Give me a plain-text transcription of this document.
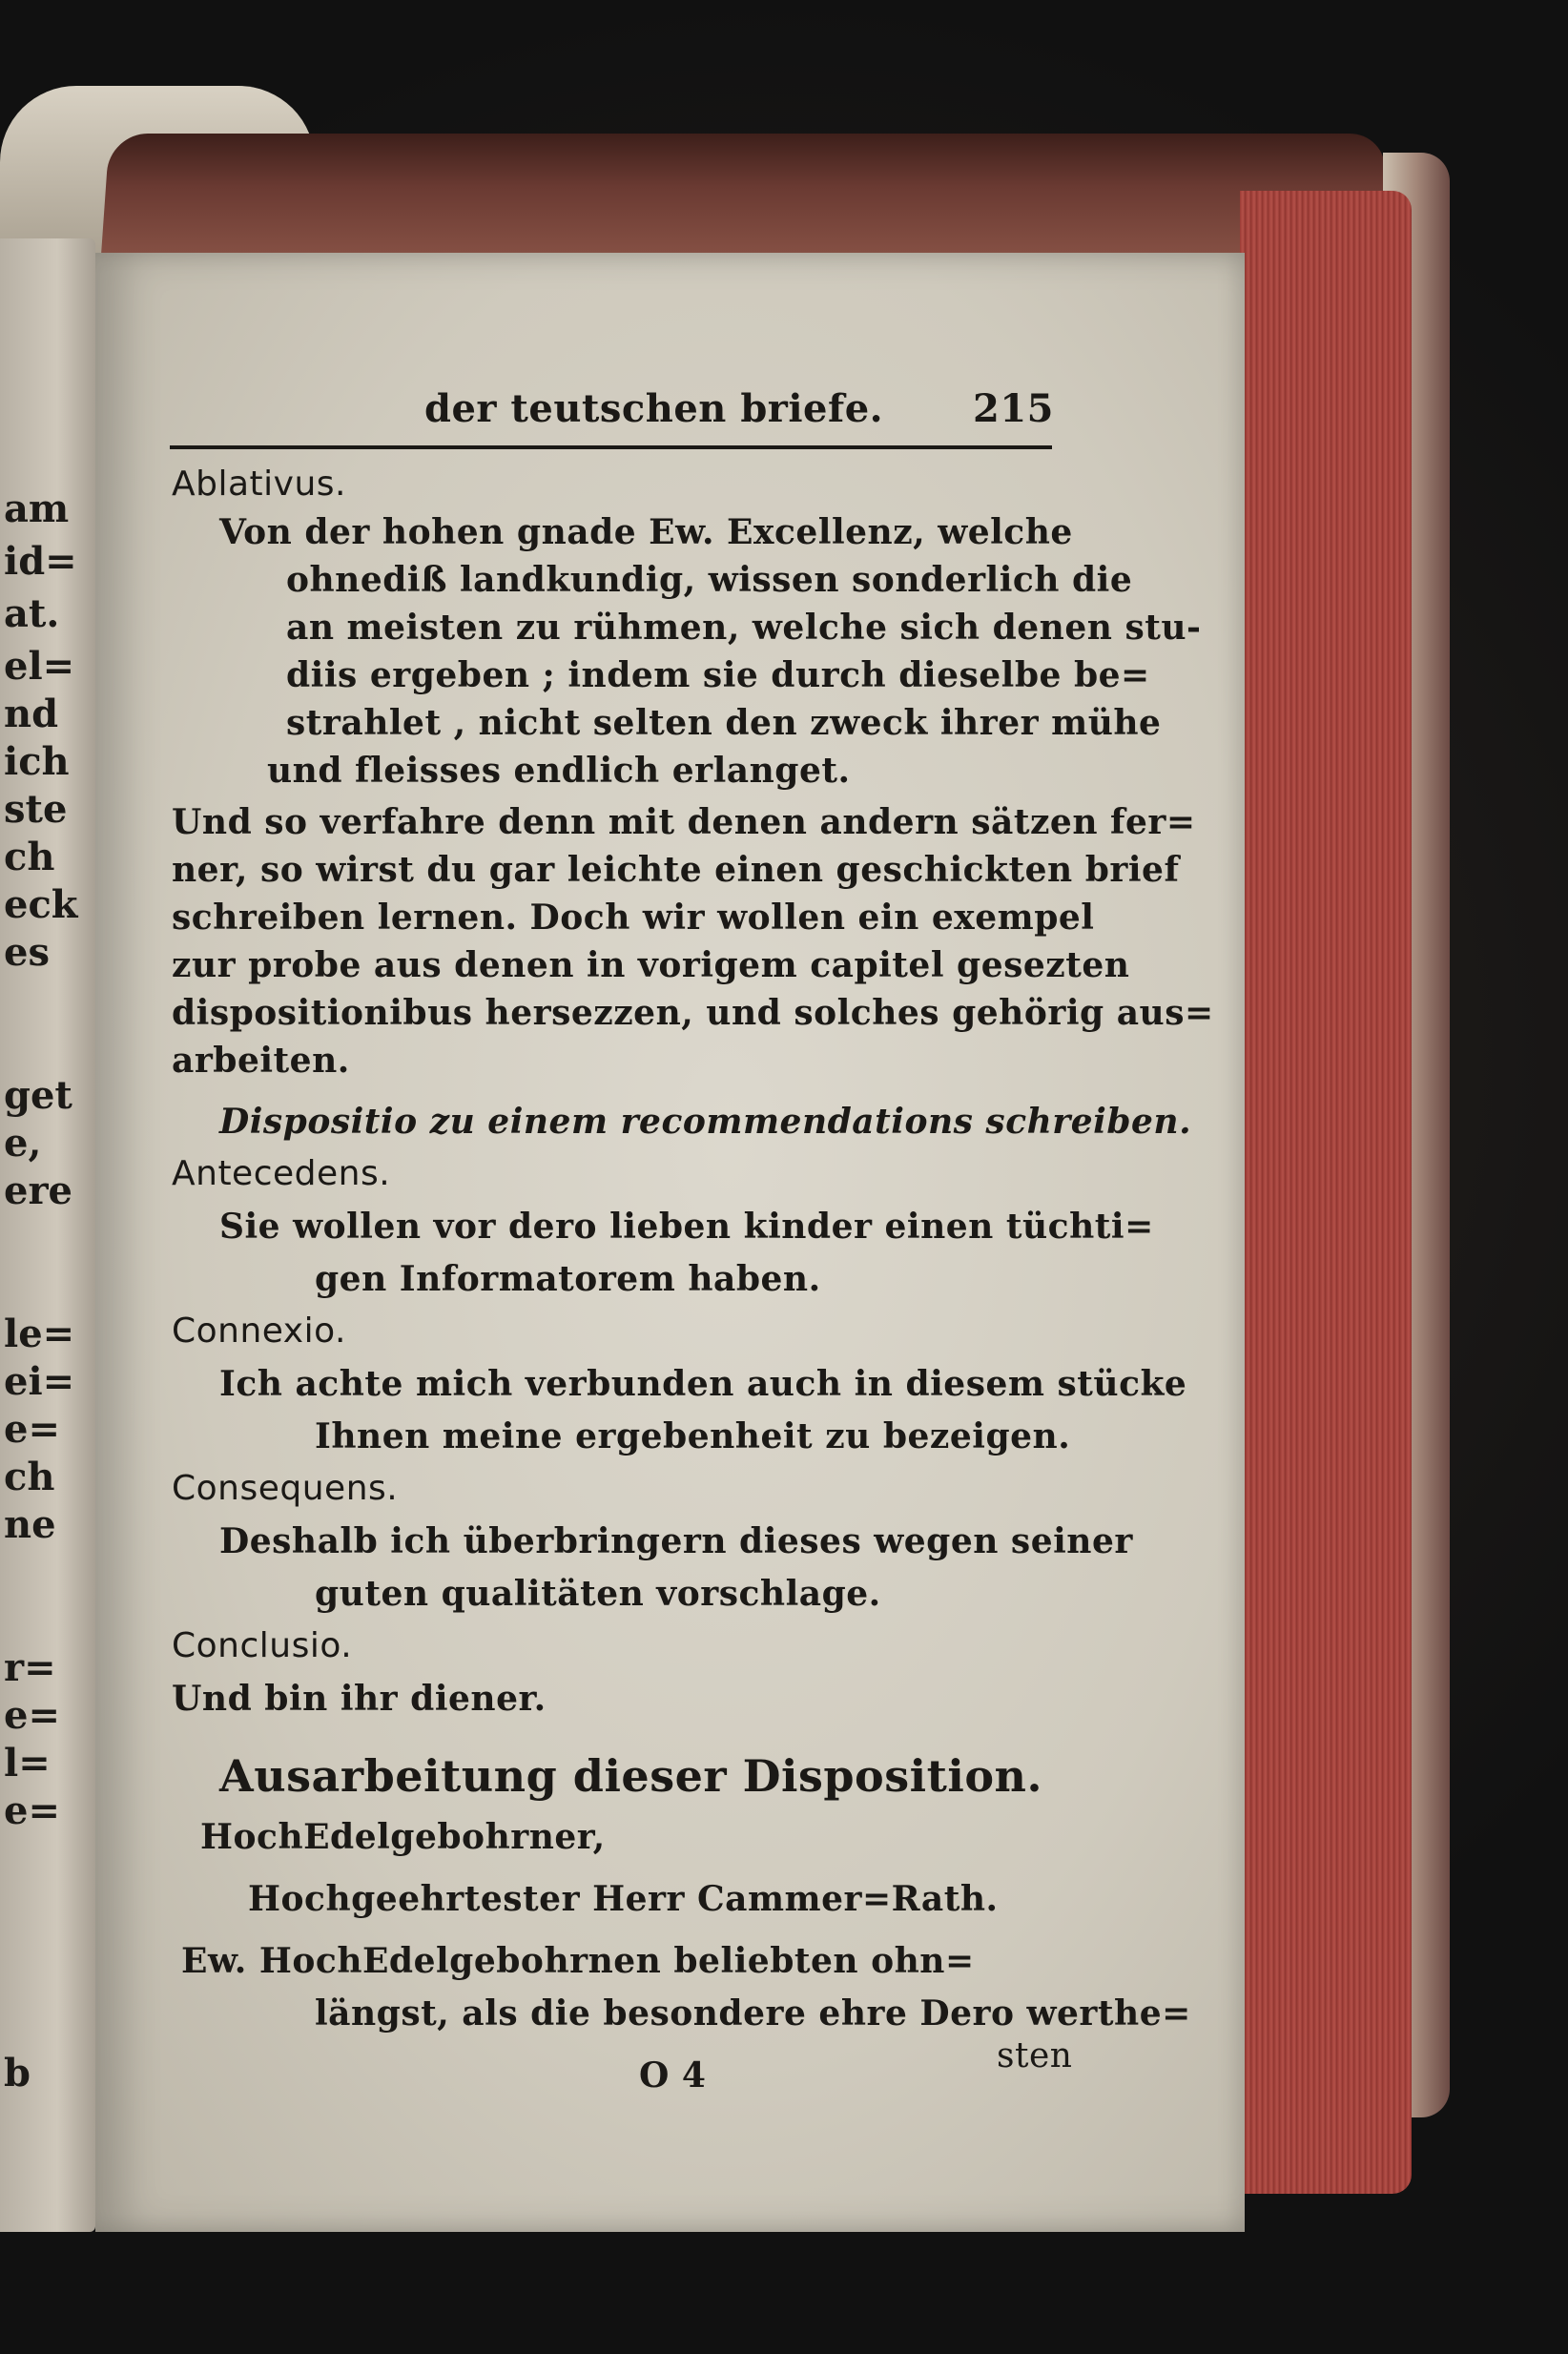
am
id=
at.
el=
nd
ich
ste
ch
eck
es
get
e,
ere
le=
ei=
e=
ch
ne
r=
e=
l=
e=
b
der teutschen briefe. 215
Ablativus.
Von der hohen gnade Ew. Excellenz, welche
ohnediß landkundig, wissen sonderlich die
an meisten zu rühmen, welche sich denen stu-
diis ergeben ; indem sie durch dieselbe be=
strahlet , nicht selten den zweck ihrer mühe
und fleisses endlich erlanget.
Und so verfahre denn mit denen andern sätzen fer=
ner, so wirst du gar leichte einen geschickten brief
schreiben lernen. Doch wir wollen ein exempel
zur probe aus denen in vorigem capitel gesezten
dispositionibus hersezzen, und solches gehörig aus=
arbeiten.
Dispositio zu einem recommendations schreiben.
Antecedens.
Sie wollen vor dero lieben kinder einen tüchti=
gen Informatorem haben.
Connexio.
Ich achte mich verbunden auch in diesem stücke
Ihnen meine ergebenheit zu bezeigen.
Consequens.
Deshalb ich überbringern dieses wegen seiner
guten qualitäten vorschlage.
Conclusio.
Und bin ihr diener.
Ausarbeitung dieser Disposition.
HochEdelgebohrner,
Hochgeehrtester Herr Cammer=Rath.
Ew. HochEdelgebohrnen beliebten ohn=
längst, als die besondere ehre Dero werthe=
O 4	sten
